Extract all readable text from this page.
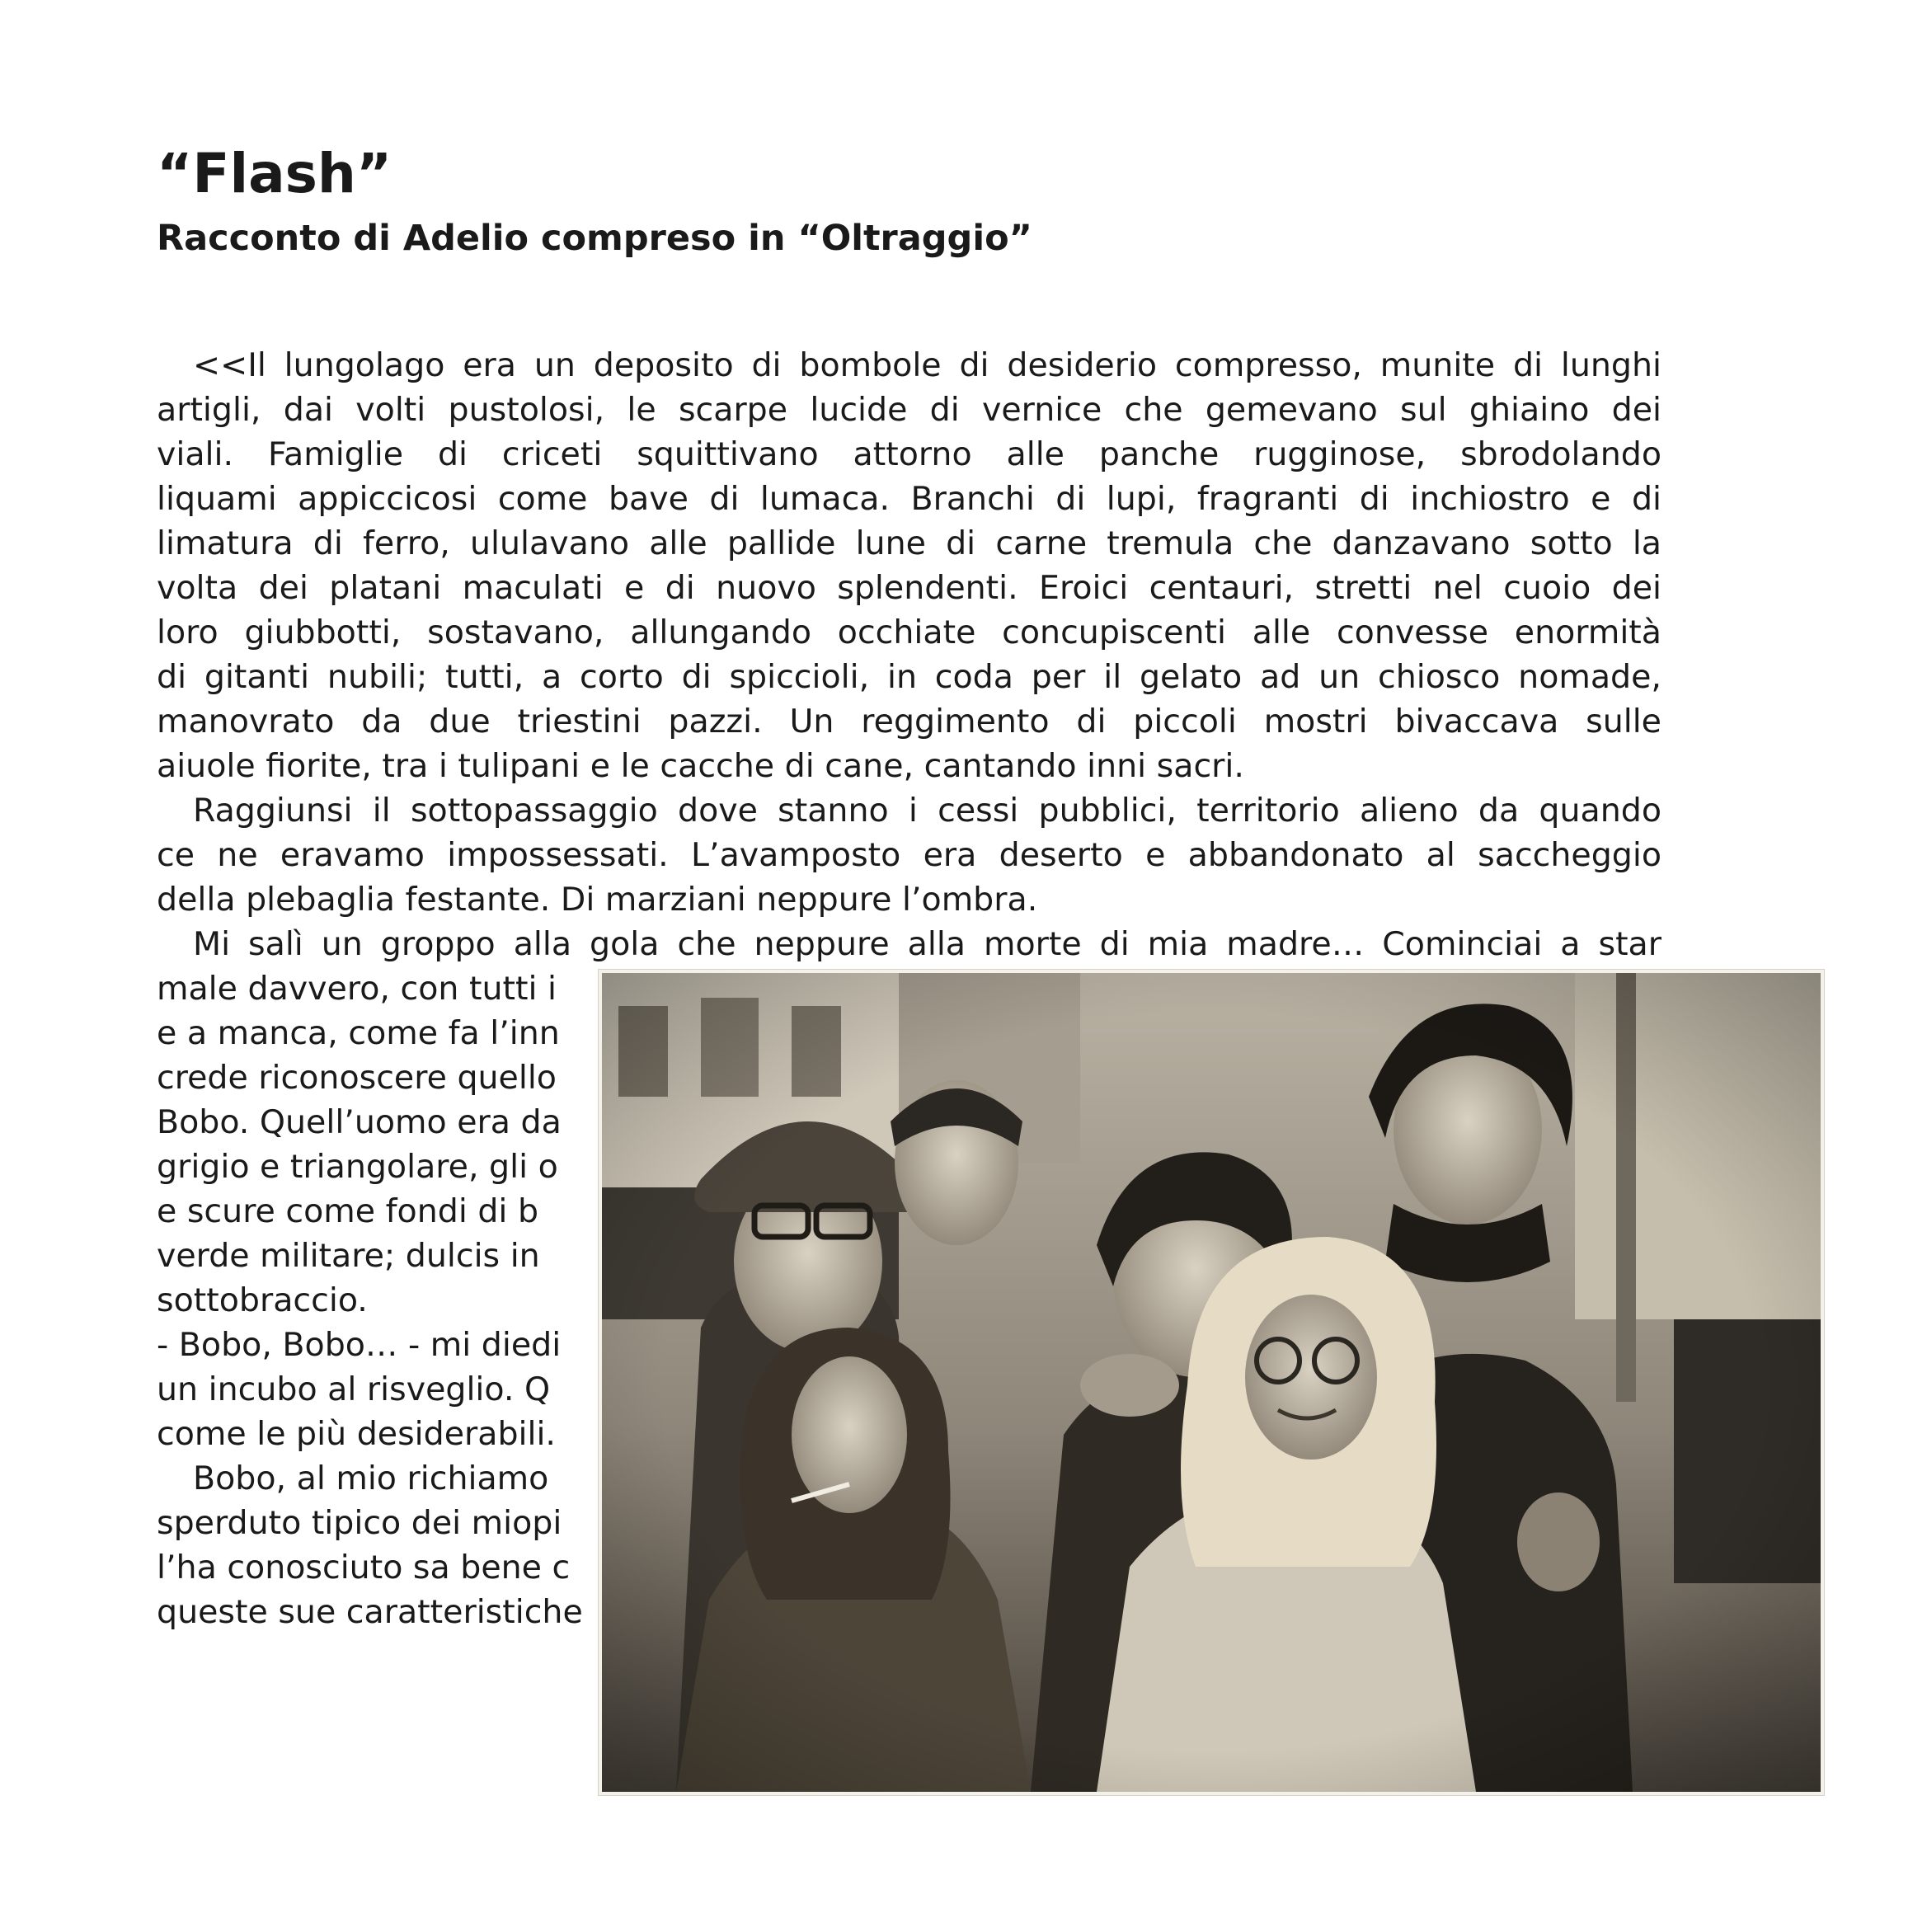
“Flash”
Racconto di Adelio compreso in “Oltraggio”
<<Il lungolago era un deposito di bombole di desiderio compresso, munite di lunghi
artigli, dai volti pustolosi, le scarpe lucide di vernice che gemevano sul ghiaino dei
viali. Famiglie di criceti squittivano attorno alle panche rugginose, sbrodolando
liquami appiccicosi come bave di lumaca. Branchi di lupi, fragranti di inchiostro e di
limatura di ferro, ululavano alle pallide lune di carne tremula che danzavano sotto la
volta dei platani maculati e di nuovo splendenti. Eroici centauri, stretti nel cuoio dei
loro giubbotti, sostavano, allungando occhiate concupiscenti alle convesse enormità
di gitanti nubili; tutti, a corto di spiccioli, in coda per il gelato ad un chiosco nomade,
manovrato da due triestini pazzi. Un reggimento di piccoli mostri bivaccava sulle
aiuole fiorite, tra i tulipani e le cacche di cane, cantando inni sacri.
Raggiunsi il sottopassaggio dove stanno i cessi pubblici, territorio alieno da quando
ce ne eravamo impossessati. L’avamposto era deserto e abbandonato al saccheggio
della plebaglia festante. Di marziani neppure l’ombra.
Mi salì un groppo alla gola che neppure alla morte di mia madre… Cominciai a star
male davvero, con tutti i
e a manca, come fa l’inn
crede riconoscere quello
Bobo. Quell’uomo era da
grigio e triangolare, gli o
e scure come fondi di b
verde militare; dulcis in
sottobraccio.
- Bobo, Bobo… - mi diedi
un incubo al risveglio. Q
come le più desiderabili.
Bobo, al mio richiamo
sperduto tipico dei miopi
l’ha conosciuto sa bene c
queste sue caratteristiche
